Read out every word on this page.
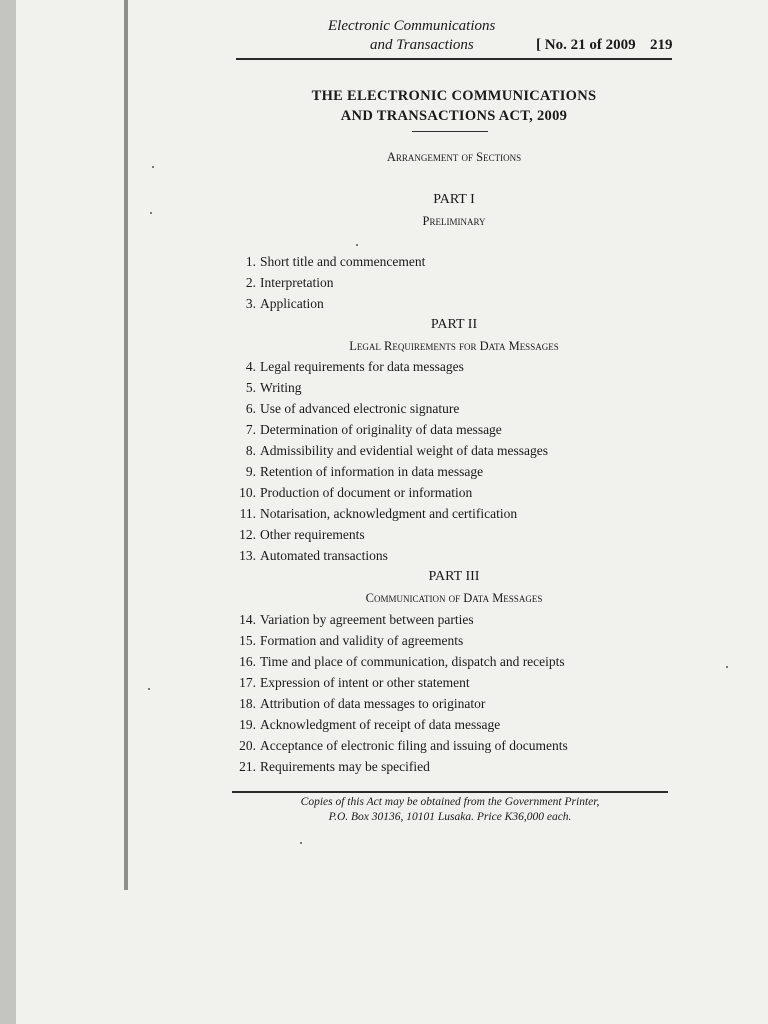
Electronic Communications
and Transactions	[ No. 21 of 2009 219
THE ELECTRONIC COMMUNICATIONS
AND TRANSACTIONS ACT, 2009
Arrangement of Sections
PART I
Preliminary
1. Short title and commencement
2. Interpretation
3. Application
PART II
Legal Requirements for Data Messages
4. Legal requirements for data messages
5. Writing
6. Use of advanced electronic signature
7. Determination of originality of data message
8. Admissibility and evidential weight of data messages
9. Retention of information in data message
10. Production of document or information
11. Notarisation, acknowledgment and certification
12. Other requirements
13. Automated transactions
PART III
Communication of Data Messages
14. Variation by agreement between parties
15. Formation and validity of agreements
16. Time and place of communication, dispatch and receipts
17. Expression of intent or other statement
18. Attribution of data messages to originator
19. Acknowledgment of receipt of data message
20. Acceptance of electronic filing and issuing of documents
21. Requirements may be specified
Copies of this Act may be obtained from the Government Printer,
P.O. Box 30136, 10101 Lusaka. Price K36,000 each.
